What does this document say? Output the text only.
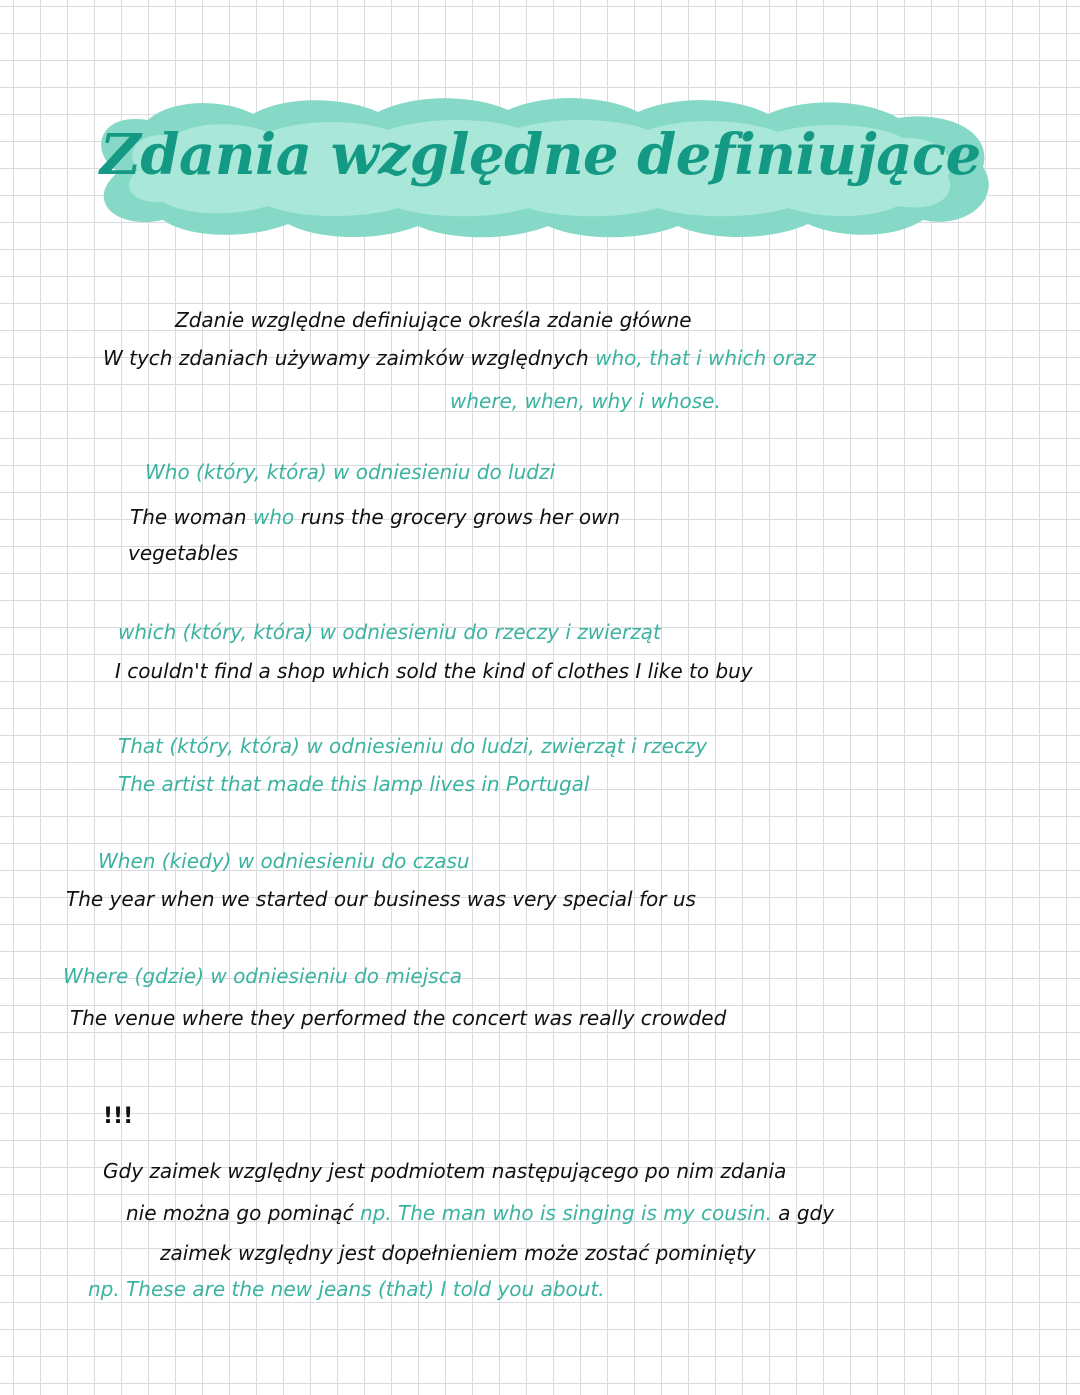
Zdania względne definiujące
Zdanie względne definiujące określa zdanie główne
W tych zdaniach używamy zaimków względnych who, that i which oraz
where, when, why i whose.
Who (który, która) w odniesieniu do ludzi
The woman who runs the grocery grows her own
vegetables
which (który, która) w odniesieniu do rzeczy i zwierząt
I couldn't find a shop which sold the kind of clothes I like to buy
That (który, która) w odniesieniu do ludzi, zwierząt i rzeczy
The artist that made this lamp lives in Portugal
When (kiedy) w odniesieniu do czasu
The year when we started our business was very special for us
Where (gdzie) w odniesieniu do miejsca
The venue where they performed the concert was really crowded
!!!
Gdy zaimek względny jest podmiotem następującego po nim zdania
nie można go pominąć np. The man who is singing is my cousin. a gdy
zaimek względny jest dopełnieniem może zostać pominięty
np. These are the new jeans (that) I told you about.
